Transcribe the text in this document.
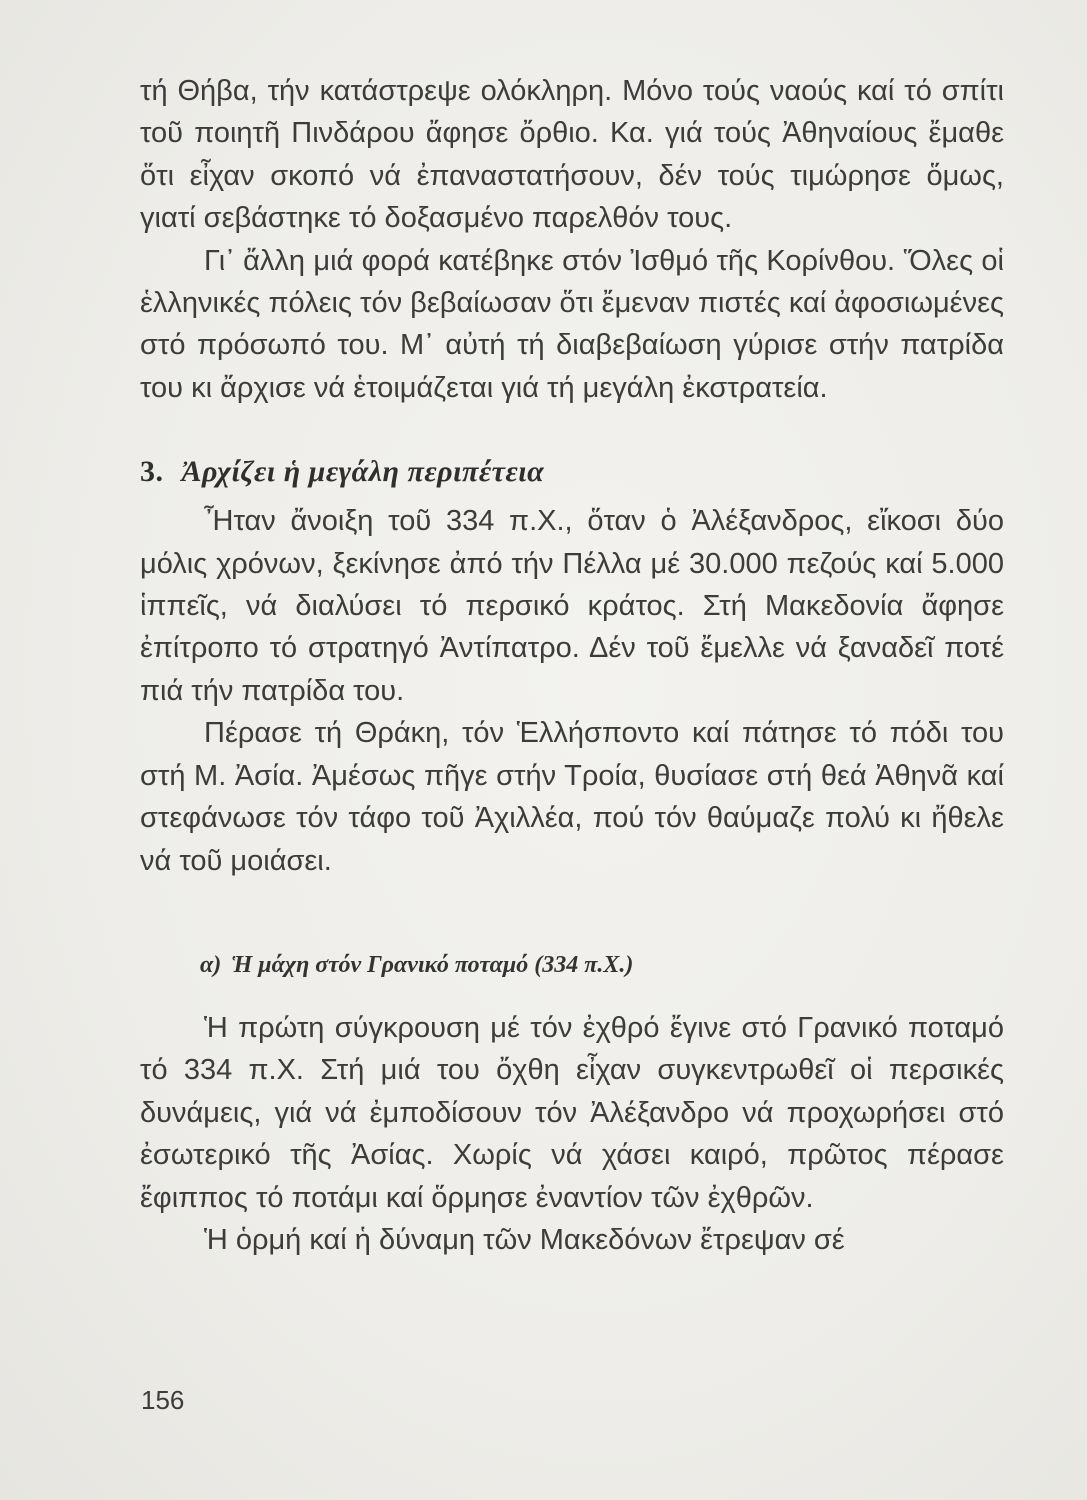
τή Θήβα, τήν κατάστρεψε ολόκληρη. Μόνο τούς ναούς καί τό σπίτι τοῦ ποιητῆ Πινδάρου ἄφησε ὄρθιο. Κα. γιά τούς Ἀθηναίους ἔμαθε ὅτι εἶχαν σκοπό νά ἐπαναστατήσουν, δέν τούς τιμώρησε ὅμως, γιατί σεβάστηκε τό δοξασμένο παρελθόν τους.

Γι᾽ ἄλλη μιά φορά κατέβηκε στόν Ἰσθμό τῆς Κορίνθου. Ὅλες οἱ ἑλληνικές πόλεις τόν βεβαίωσαν ὅτι ἔμεναν πιστές καί ἀφοσιωμένες στό πρόσωπό του. Μ᾽ αὐτή τή διαβεβαίωση γύρισε στήν πατρίδα του κι ἄρχισε νά ἑτοιμάζεται γιά τή μεγάλη ἐκστρατεία.

3. Ἀρχίζει ἡ μεγάλη περιπέτεια

Ἦταν ἄνοιξη τοῦ 334 π.Χ., ὅταν ὁ Ἀλέξανδρος, εἴκοσι δύο μόλις χρόνων, ξεκίνησε ἀπό τήν Πέλλα μέ 30.000 πεζούς καί 5.000 ἱππεῖς, νά διαλύσει τό περσικό κράτος. Στή Μακεδονία ἄφησε ἐπίτροπο τό στρατηγό Ἀντίπατρο. Δέν τοῦ ἔμελλε νά ξαναδεῖ ποτέ πιά τήν πατρίδα του.

Πέρασε τή Θράκη, τόν Ἑλλήσποντο καί πάτησε τό πόδι του στή Μ. Ἀσία. Ἀμέσως πῆγε στήν Τροία, θυσίασε στή θεά Ἀθηνᾶ καί στεφάνωσε τόν τάφο τοῦ Ἀχιλλέα, πού τόν θαύμαζε πολύ κι ἤθελε νά τοῦ μοιάσει.

α) Ἡ μάχη στόν Γρανικό ποταμό (334 π.Χ.)

Ἡ πρώτη σύγκρουση μέ τόν ἐχθρό ἔγινε στό Γρανικό ποταμό τό 334 π.Χ. Στή μιά του ὄχθη εἶχαν συγκεντρωθεῖ οἱ περσικές δυνάμεις, γιά νά ἐμποδίσουν τόν Ἀλέξανδρο νά προχωρήσει στό ἐσωτερικό τῆς Ἀσίας. Χωρίς νά χάσει καιρό, πρῶτος πέρασε ἔφιππος τό ποτάμι καί ὅρμησε ἐναντίον τῶν ἐχθρῶν.

Ἡ ὁρμή καί ἡ δύναμη τῶν Μακεδόνων ἔτρεψαν σέ

156
